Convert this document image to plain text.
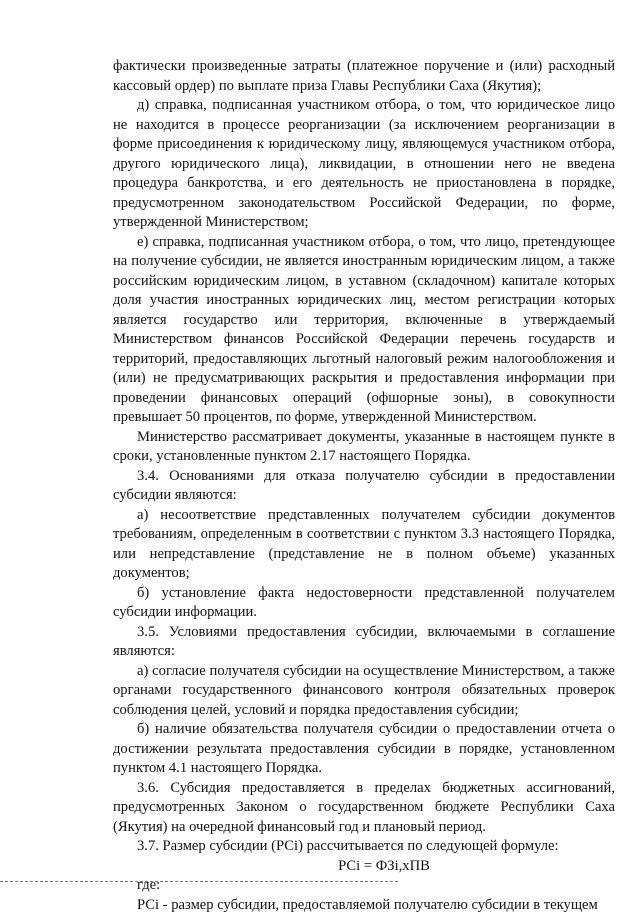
фактически произведенные затраты (платежное поручение и (или) расходный кассовый ордер) по выплате приза Главы Республики Саха (Якутия);

д) справка, подписанная участником отбора, о том, что юридическое лицо не находится в процессе реорганизации (за исключением реорганизации в форме присоединения к юридическому лицу, являющемуся участником отбора, другого юридического лица), ликвидации, в отношении него не введена процедура банкротства, и его деятельность не приостановлена в порядке, предусмотренном законодательством Российской Федерации, по форме, утвержденной Министерством;

е) справка, подписанная участником отбора, о том, что лицо, претендующее на получение субсидии, не является иностранным юридическим лицом, а также российским юридическим лицом, в уставном (складочном) капитале которых доля участия иностранных юридических лиц, местом регистрации которых является государство или территория, включенные в утверждаемый Министерством финансов Российской Федерации перечень государств и территорий, предоставляющих льготный налоговый режим налогообложения и (или) не предусматривающих раскрытия и предоставления информации при проведении финансовых операций (офшорные зоны), в совокупности превышает 50 процентов, по форме, утвержденной Министерством.

Министерство рассматривает документы, указанные в настоящем пункте в сроки, установленные пунктом 2.17 настоящего Порядка.

3.4. Основаниями для отказа получателю субсидии в предоставлении субсидии являются:

а) несоответствие представленных получателем субсидии документов требованиям, определенным в соответствии с пунктом 3.3 настоящего Порядка, или непредставление (представление не в полном объеме) указанных документов;

б) установление факта недостоверности представленной получателем субсидии информации.

3.5. Условиями предоставления субсидии, включаемыми в соглашение являются:

а) согласие получателя субсидии на осуществление Министерством, а также органами государственного финансового контроля обязательных проверок соблюдения целей, условий и порядка предоставления субсидии;

б) наличие обязательства получателя субсидии о предоставлении отчета о достижении результата предоставления субсидии в порядке, установленном пунктом 4.1 настоящего Порядка.

3.6. Субсидия предоставляется в пределах бюджетных ассигнований, предусмотренных Законом о государственном бюджете Республики Саха (Якутия) на очередной финансовый год и плановый период.

3.7. Размер субсидии (РСi) рассчитывается по следующей формуле:

РСi = ФЗi,хПВ

где:

РСi - размер субсидии, предоставляемой получателю субсидии в текущем
